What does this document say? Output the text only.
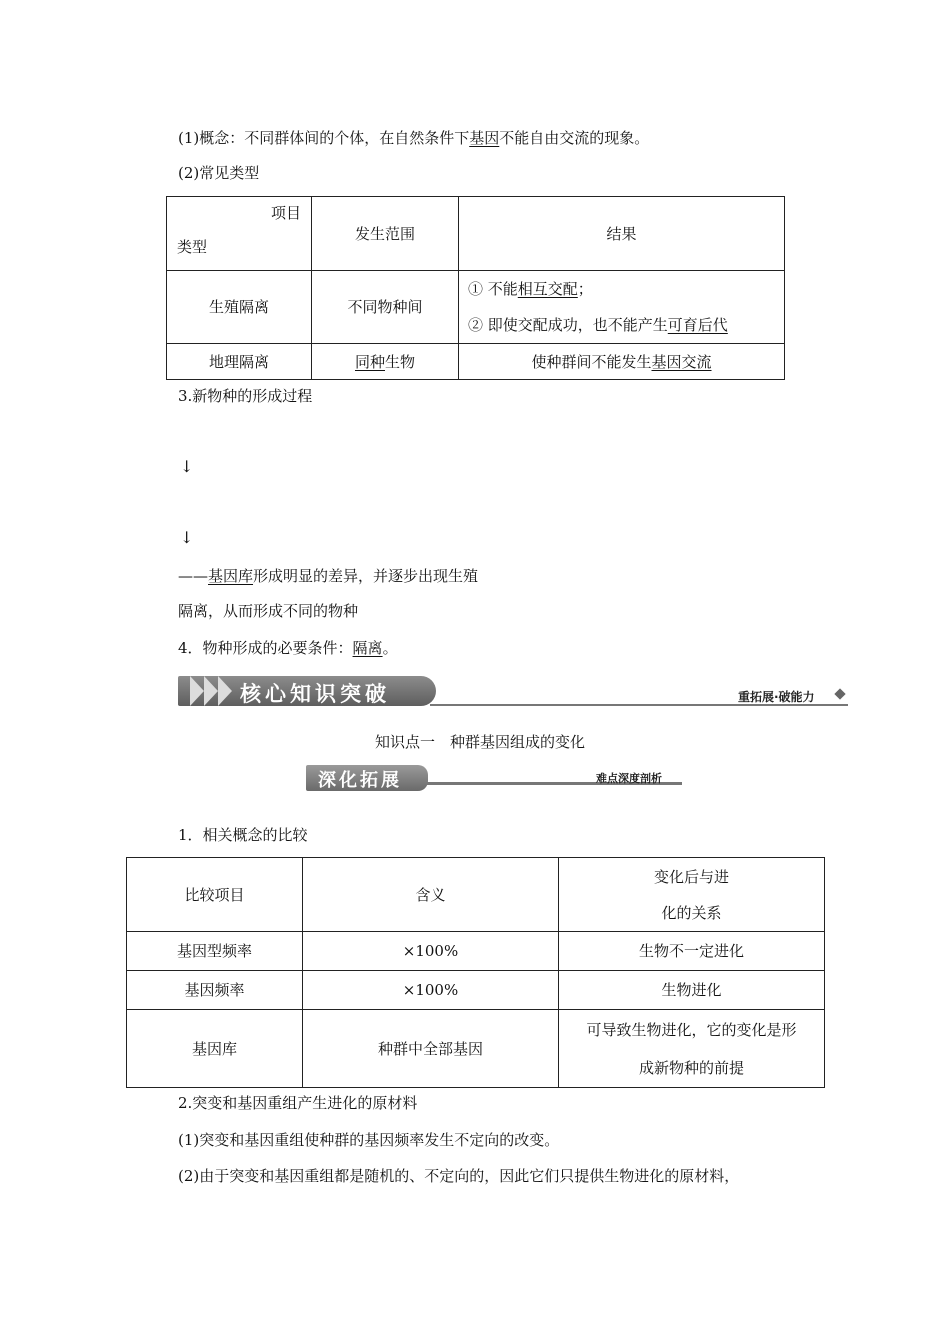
(1)概念：不同群体间的个体，在自然条件下基因不能自由交流的现象。
(2)常见类型
项目
类型	发生范围	结果
生殖隔离	不同物种间	① 不能相互交配；
② 即使交配成功，也不能产生可育后代

地理隔离	同种生物	使种群间不能发生基因交流
3.新物种的形成过程
↓
↓
——基因库形成明显的差异，并逐步出现生殖
隔离，从而形成不同的物种
4．物种形成的必要条件：隔离。
核心知识突破	重拓展·破能力
知识点一　种群基因组成的变化
深化拓展	难点深度剖析
1．相关概念的比较
比较项目	含义	变化后与进
化的关系

基因型频率	×100%	生物不一定进化
基因频率	×100%	生物进化
基因库	种群中全部基因	可导致生物进化，它的变化是形
成新物种的前提
2.突变和基因重组产生进化的原材料
(1)突变和基因重组使种群的基因频率发生不定向的改变。
(2)由于突变和基因重组都是随机的、不定向的，因此它们只提供生物进化的原材料，
